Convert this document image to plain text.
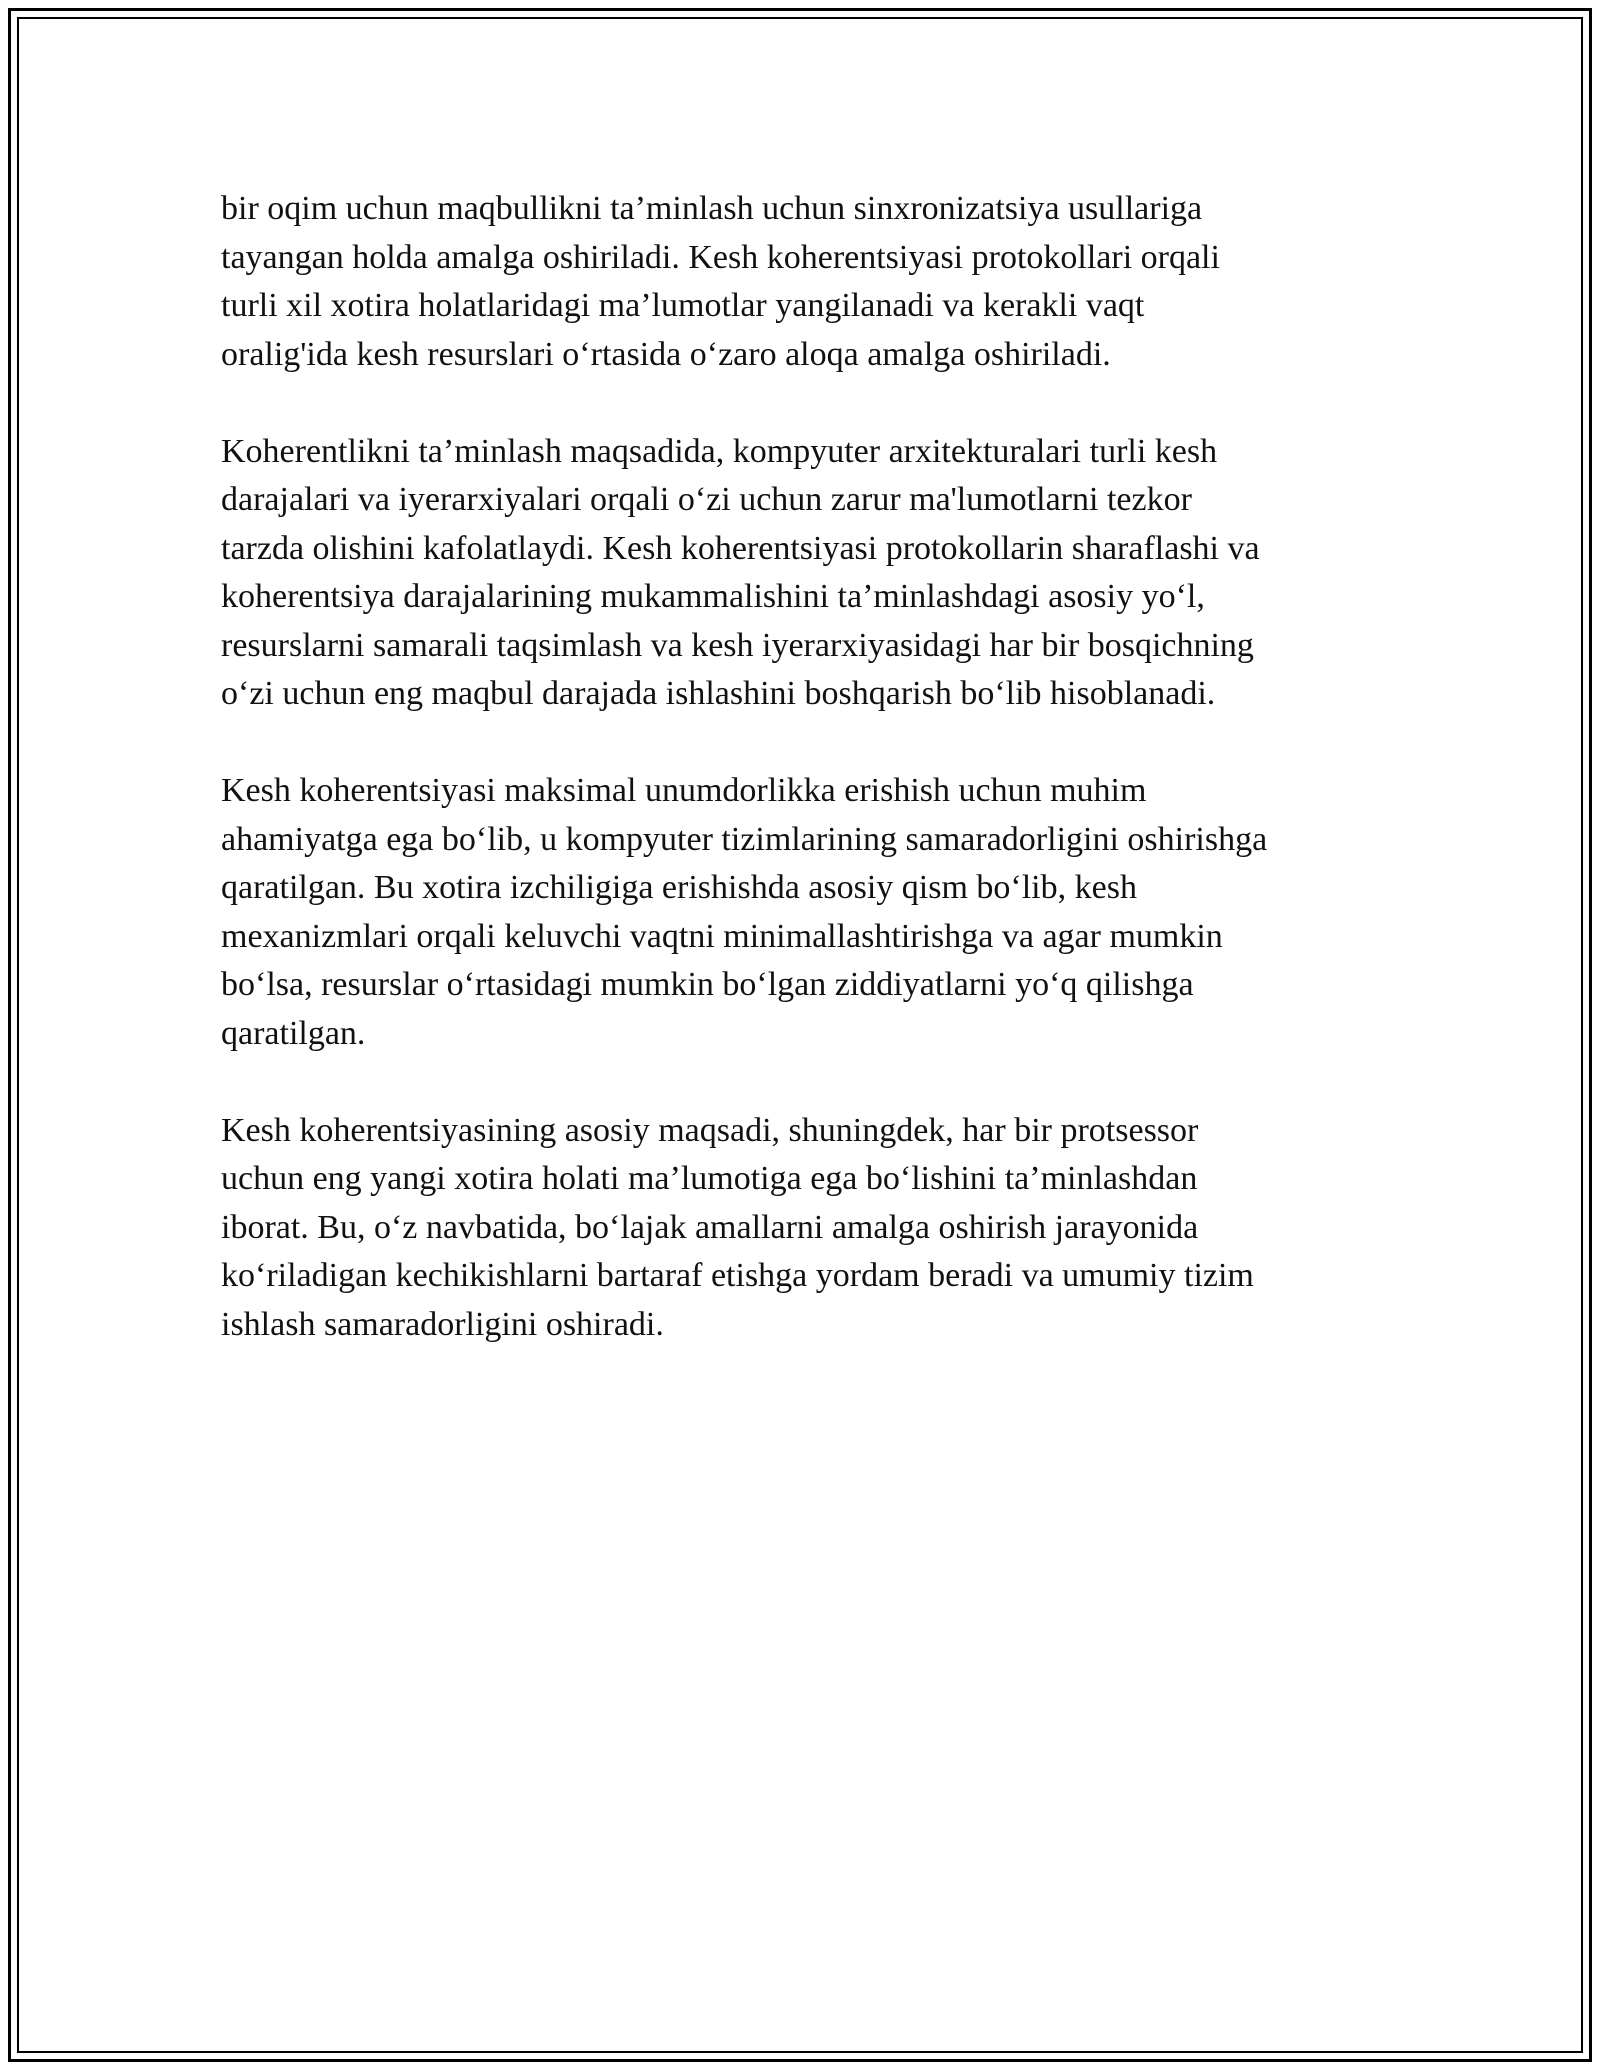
bir oqim uchun maqbullikni ta’minlash uchun sinxronizatsiya usullariga
tayangan holda amalga oshiriladi. Kesh koherentsiyasi protokollari orqali
turli xil xotira holatlaridagi ma’lumotlar yangilanadi va kerakli vaqt
oralig'ida kesh resurslari o‘rtasida o‘zaro aloqa amalga oshiriladi.

Koherentlikni ta’minlash maqsadida, kompyuter arxitekturalari turli kesh
darajalari va iyerarxiyalari orqali o‘zi uchun zarur ma'lumotlarni tezkor
tarzda olishini kafolatlaydi. Kesh koherentsiyasi protokollarin sharaflashi va
koherentsiya darajalarining mukammalishini ta’minlashdagi asosiy yo‘l,
resurslarni samarali taqsimlash va kesh iyerarxiyasidagi har bir bosqichning
o‘zi uchun eng maqbul darajada ishlashini boshqarish bo‘lib hisoblanadi.

Kesh koherentsiyasi maksimal unumdorlikka erishish uchun muhim
ahamiyatga ega bo‘lib, u kompyuter tizimlarining samaradorligini oshirishga
qaratilgan. Bu xotira izchiligiga erishishda asosiy qism bo‘lib, kesh
mexanizmlari orqali keluvchi vaqtni minimallashtirishga va agar mumkin
bo‘lsa, resurslar o‘rtasidagi mumkin bo‘lgan ziddiyatlarni yo‘q qilishga
qaratilgan.

Kesh koherentsiyasining asosiy maqsadi, shuningdek, har bir protsessor
uchun eng yangi xotira holati ma’lumotiga ega bo‘lishini ta’minlashdan
iborat. Bu, o‘z navbatida, bo‘lajak amallarni amalga oshirish jarayonida
ko‘riladigan kechikishlarni bartaraf etishga yordam beradi va umumiy tizim
ishlash samaradorligini oshiradi.
